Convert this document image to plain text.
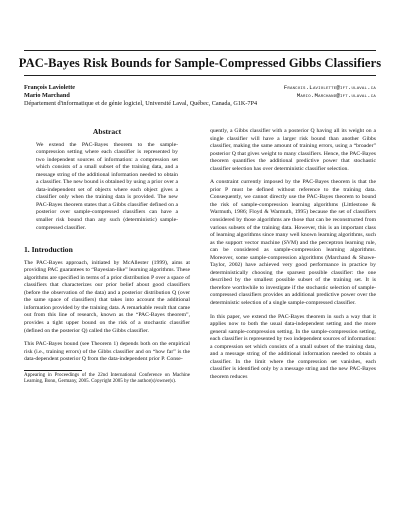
PAC-Bayes Risk Bounds for Sample-Compressed Gibbs Classifiers
François Laviolette	Francois.Laviolette@ift.ulaval.ca
Mario Marchand	Mario.Marchand@ift.ulaval.ca
Département d'informatique et de génie logiciel, Université Laval, Québec, Canada, G1K-7P4
Abstract

We extend the PAC-Bayes theorem to the sample-compression setting where each classifier is represented by two independent sources of information: a compression set which consists of a small subset of the training data, and a message string of the additional information needed to obtain a classifier. The new bound is obtained by using a prior over a data-independent set of objects where each object gives a classifier only when the training data is provided. The new PAC-Bayes theorem states that a Gibbs classifier defined on a posterior over sample-compressed classifiers can have a smaller risk bound than any such (deterministic) sample-compressed classifier.

1. Introduction

The PAC-Bayes approach, initiated by McAllester (1999), aims at providing PAC guarantees to “Bayesian-like” learning algorithms. These algorithms are specified in terms of a prior distribution P over a space of classifiers that characterizes our prior belief about good classifiers (before the observation of the data) and a posterior distribution Q (over the same space of classifiers) that takes into account the additional information provided by the training data. A remarkable result that came out from this line of research, known as the “PAC-Bayes theorem”, provides a tight upper bound on the risk of a stochastic classifier (defined on the posterior Q) called the Gibbs classifier.

This PAC-Bayes bound (see Theorem 1) depends both on the empirical risk (i.e., training errors) of the Gibbs classifier and on “how far” is the data-dependent posterior Q from the data-independent prior P. Conse-

Appearing in Proceedings of the 22nd International Conference on Machine Learning, Bonn, Germany, 2005. Copyright 2005 by the author(s)/owner(s).

quently, a Gibbs classifier with a posterior Q having all its weight on a single classifier will have a larger risk bound than another Gibbs classifier, making the same amount of training errors, using a “broader” posterior Q that gives weight to many classifiers. Hence, the PAC-Bayes theorem quantifies the additional predictive power that stochastic classifier selection has over deterministic classifier selection.

A constraint currently imposed by the PAC-Bayes theorem is that the prior P must be defined without reference to the training data. Consequently, we cannot directly use the PAC-Bayes theorem to bound the risk of sample-compression learning algorithms (Littlestone & Warmuth, 1986; Floyd & Warmuth, 1995) because the set of classifiers considered by those algorithms are those that can be reconstructed from various subsets of the training data. However, this is an important class of learning algorithms since many well known learning algorithms, such as the support vector machine (SVM) and the perceptron learning rule, can be considered as sample-compression learning algorithms. Moreover, some sample-compression algorithms (Marchand & Shawe-Taylor, 2002) have achieved very good performance in practice by deterministically choosing the sparsest possible classifier: the one described by the smallest possible subset of the training set. It is therefore worthwhile to investigate if the stochastic selection of sample-compressed classifiers provides an additional predictive power over the deterministic selection of a single sample-compressed classifier.

In this paper, we extend the PAC-Bayes theorem in such a way that it applies now to both the usual data-independent setting and the more general sample-compression setting. In the sample-compression setting, each classifier is represented by two independent sources of information: a compression set which consists of a small subset of the training data, and a message string of the additional information needed to obtain a classifier. In the limit where the compression set vanishes, each classifier is identified only by a message string and the new PAC-Bayes theorem reduces
